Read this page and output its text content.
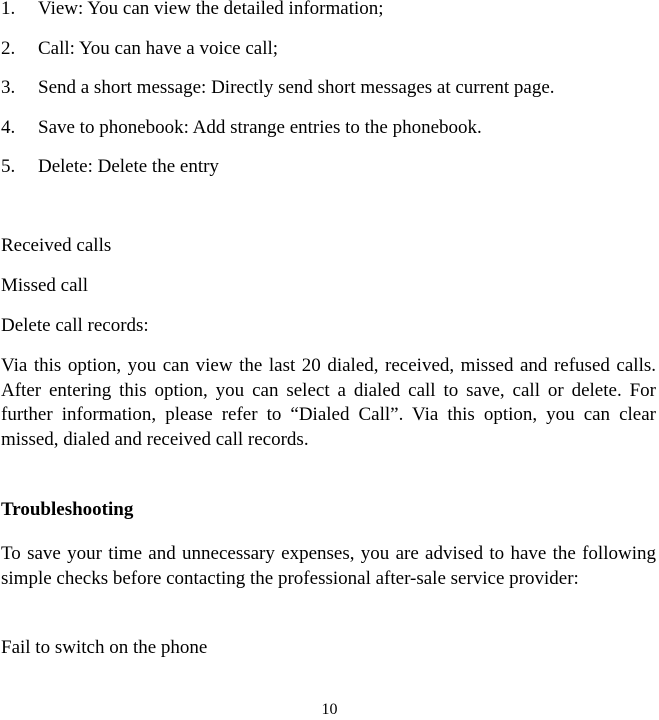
1. View: You can view the detailed information;
2. Call: You can have a voice call;
3. Send a short message: Directly send short messages at current page.
4. Save to phonebook: Add strange entries to the phonebook.
5. Delete: Delete the entry
Received calls
Missed call
Delete call records:
Via this option, you can view the last 20 dialed, received, missed and refused calls. After entering this option, you can select a dialed call to save, call or delete. For further information, please refer to “Dialed Call”. Via this option, you can clear missed, dialed and received call records.
Troubleshooting
To save your time and unnecessary expenses, you are advised to have the following simple checks before contacting the professional after-sale service provider:
Fail to switch on the phone
10
